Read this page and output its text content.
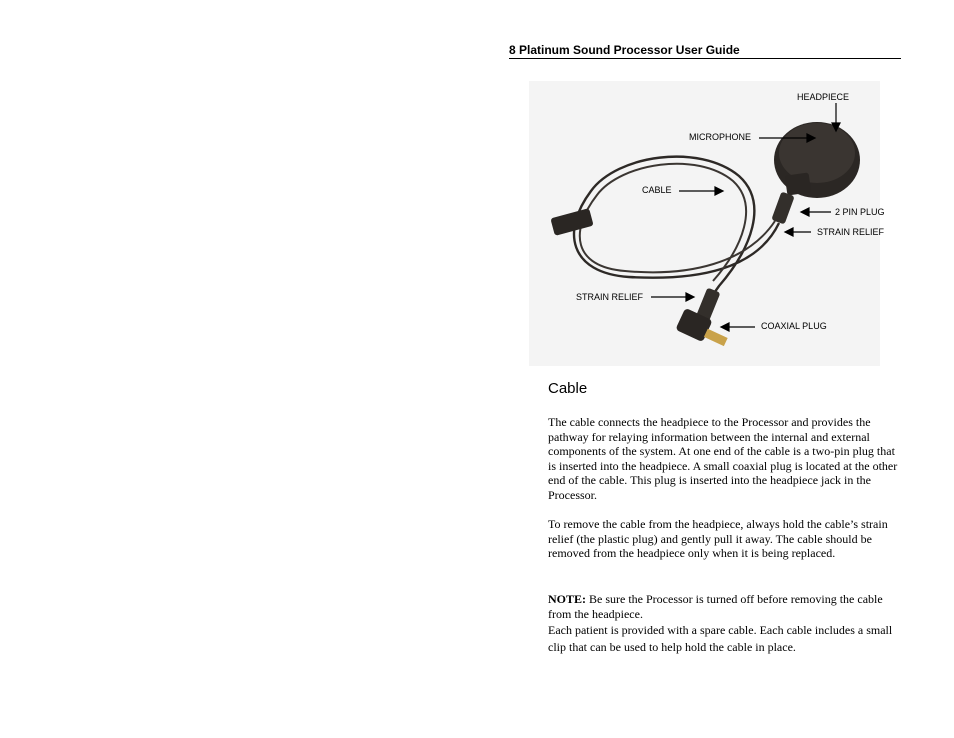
8 Platinum Sound Processor User Guide
HEADPIECE
MICROPHONE
CABLE
2 PIN PLUG
STRAIN RELIEF
STRAIN RELIEF
COAXIAL PLUG
Cable
The cable connects the headpiece to the Processor and provides the pathway for relaying information between the internal and external components of the system. At one end of the cable is a two-pin plug that is inserted into the headpiece. A small coaxial plug is located at the other end of the cable. This plug is inserted into the headpiece jack in the Processor.
To remove the cable from the headpiece, always hold the cable’s strain relief (the plastic plug) and gently pull it away. The cable should be removed from the headpiece only when it is being replaced.
NOTE: Be sure the Processor is turned off before removing the cable from the headpiece.
Each patient is provided with a spare cable. Each cable includes a small clip that can be used to help hold the cable in place.
